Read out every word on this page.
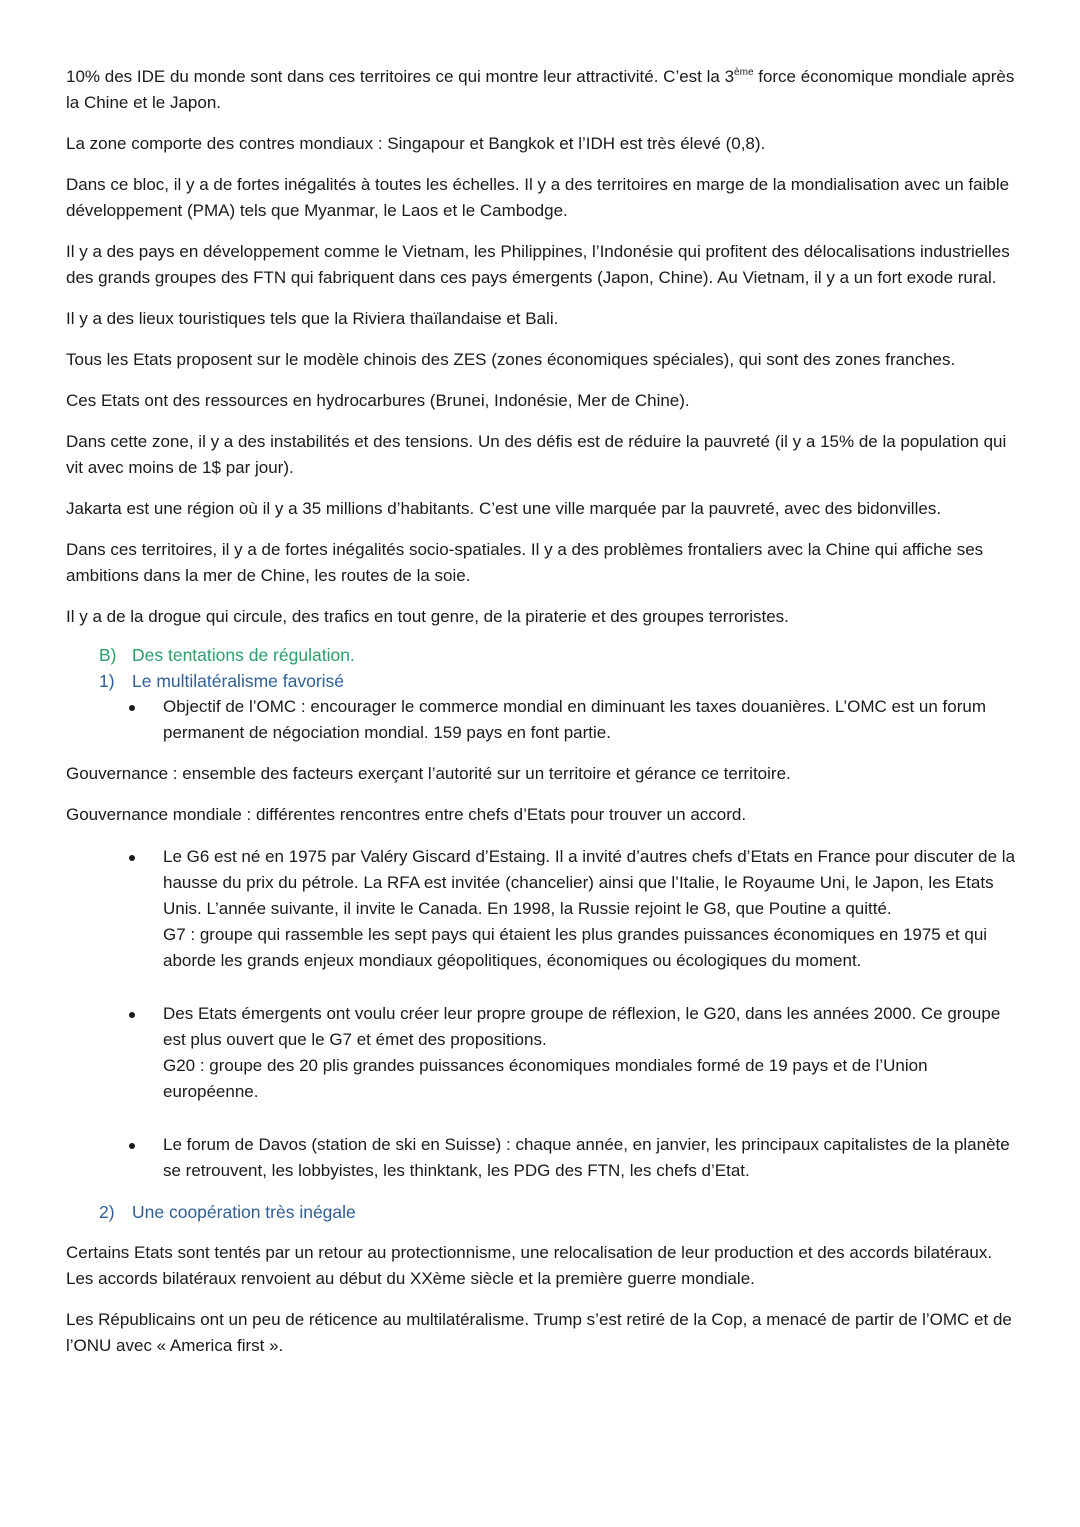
10% des IDE du monde sont dans ces territoires ce qui montre leur attractivité. C’est la 3ème force économique mondiale après la Chine et le Japon.

La zone comporte des contres mondiaux : Singapour et Bangkok et l’IDH est très élevé (0,8).

Dans ce bloc, il y a de fortes inégalités à toutes les échelles. Il y a des territoires en marge de la mondialisation avec un faible développement (PMA) tels que Myanmar, le Laos et le Cambodge.

Il y a des pays en développement comme le Vietnam, les Philippines, l’Indonésie qui profitent des délocalisations industrielles des grands groupes des FTN qui fabriquent dans ces pays émergents (Japon, Chine). Au Vietnam, il y a un fort exode rural.

Il y a des lieux touristiques tels que la Riviera thaïlandaise et Bali.

Tous les Etats proposent sur le modèle chinois des ZES (zones économiques spéciales), qui sont des zones franches.

Ces Etats ont des ressources en hydrocarbures (Brunei, Indonésie, Mer de Chine).

Dans cette zone, il y a des instabilités et des tensions. Un des défis est de réduire la pauvreté (il y a 15% de la population qui vit avec moins de 1$ par jour).

Jakarta est une région où il y a 35 millions d’habitants. C’est une ville marquée par la pauvreté, avec des bidonvilles.

Dans ces territoires, il y a de fortes inégalités socio-spatiales. Il y a des problèmes frontaliers avec la Chine qui affiche ses ambitions dans la mer de Chine, les routes de la soie.

Il y a de la drogue qui circule, des trafics en tout genre, de la piraterie et des groupes terroristes.

B) Des tentations de régulation.
1) Le multilatéralisme favorisé
Objectif de l’OMC : encourager le commerce mondial en diminuant les taxes douanières. L’OMC est un forum permanent de négociation mondial. 159 pays en font partie.

Gouvernance : ensemble des facteurs exerçant l’autorité sur un territoire et gérance ce territoire.

Gouvernance mondiale : différentes rencontres entre chefs d’Etats pour trouver un accord.

Le G6 est né en 1975 par Valéry Giscard d’Estaing. Il a invité d’autres chefs d’Etats en France pour discuter de la hausse du prix du pétrole. La RFA est invitée (chancelier) ainsi que l’Italie, le Royaume Uni, le Japon, les Etats Unis. L’année suivante, il invite le Canada. En 1998, la Russie rejoint le G8, que Poutine a quitté.
G7 : groupe qui rassemble les sept pays qui étaient les plus grandes puissances économiques en 1975 et qui aborde les grands enjeux mondiaux géopolitiques, économiques ou écologiques du moment.
Des Etats émergents ont voulu créer leur propre groupe de réflexion, le G20, dans les années 2000. Ce groupe est plus ouvert que le G7 et émet des propositions.
G20 : groupe des 20 plis grandes puissances économiques mondiales formé de 19 pays et de l’Union européenne.
Le forum de Davos (station de ski en Suisse) : chaque année, en janvier, les principaux capitalistes de la planète se retrouvent, les lobbyistes, les thinktank, les PDG des FTN, les chefs d’Etat.
2) Une coopération très inégale

Certains Etats sont tentés par un retour au protectionnisme, une relocalisation de leur production et des accords bilatéraux. Les accords bilatéraux renvoient au début du XXème siècle et la première guerre mondiale.

Les Républicains ont un peu de réticence au multilatéralisme. Trump s’est retiré de la Cop, a menacé de partir de l’OMC et de l’ONU avec « America first ».
